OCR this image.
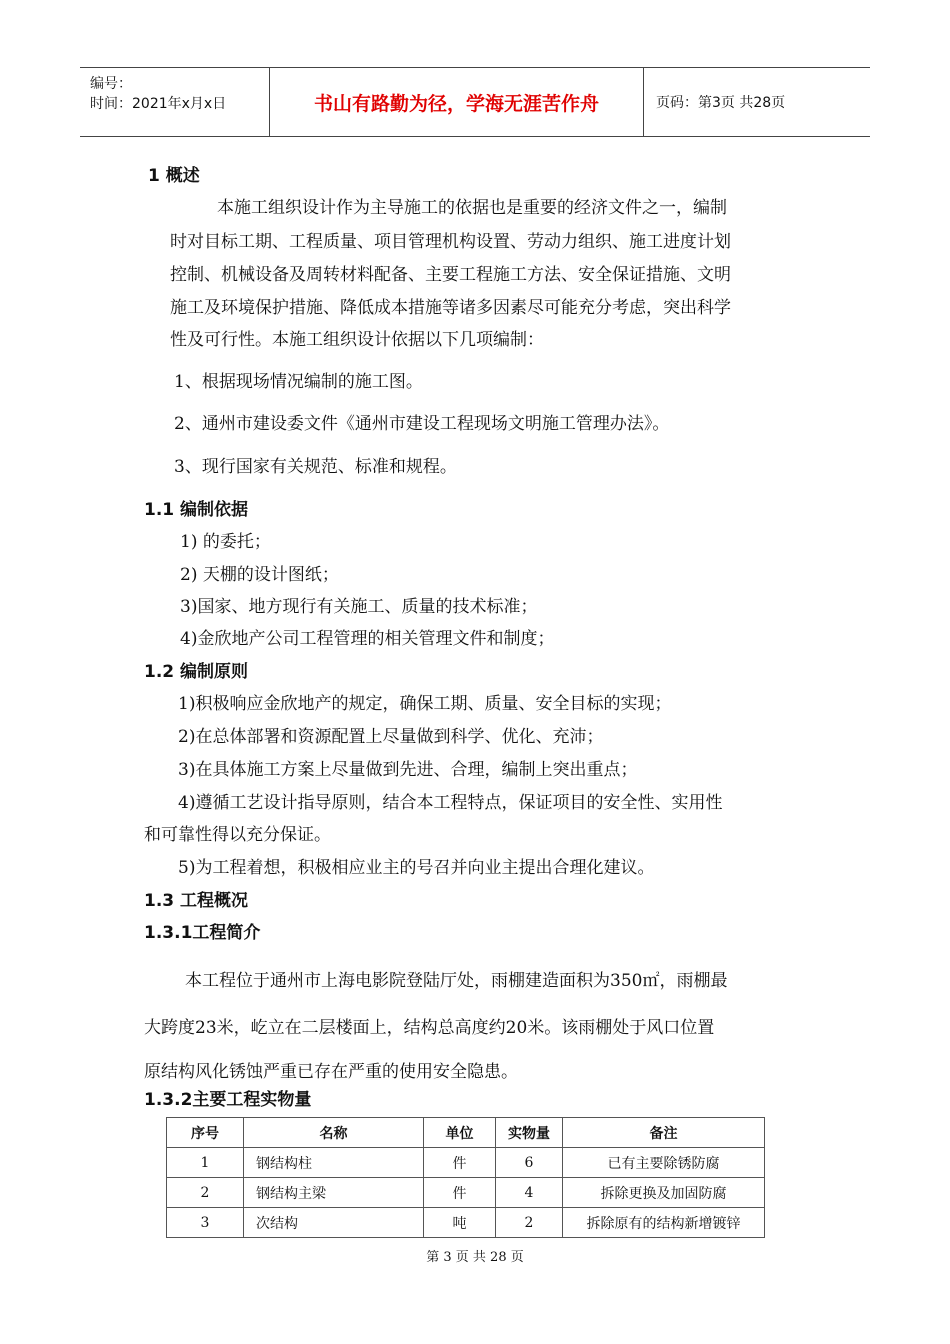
编号：
时间：2021年x月x日	书山有路勤为径，学海无涯苦作舟	页码：第3页 共28页
1 概述
本施工组织设计作为主导施工的依据也是重要的经济文件之一，编制
时对目标工期、工程质量、项目管理机构设置、劳动力组织、施工进度计划
控制、机械设备及周转材料配备、主要工程施工方法、安全保证措施、文明
施工及环境保护措施、降低成本措施等诸多因素尽可能充分考虑，突出科学
性及可行性。本施工组织设计依据以下几项编制：
1、根据现场情况编制的施工图。
2、通州市建设委文件《通州市建设工程现场文明施工管理办法》。
3、现行国家有关规范、标准和规程。
1.1 编制依据
1) 的委托；
2) 天棚的设计图纸；
3)国家、地方现行有关施工、质量的技术标准；
4)金欣地产公司工程管理的相关管理文件和制度；
1.2 编制原则
1)积极响应金欣地产的规定，确保工期、质量、安全目标的实现；
2)在总体部署和资源配置上尽量做到科学、优化、充沛；
3)在具体施工方案上尽量做到先进、合理，编制上突出重点；
4)遵循工艺设计指导原则，结合本工程特点，保证项目的安全性、实用性
和可靠性得以充分保证。
5)为工程着想，积极相应业主的号召并向业主提出合理化建议。
1.3 工程概况
1.3.1工程简介
本工程位于通州市上海电影院登陆厅处，雨棚建造面积为350㎡，雨棚最
大跨度23米，屹立在二层楼面上，结构总高度约20米。该雨棚处于风口位置
原结构风化锈蚀严重已存在严重的使用安全隐患。
1.3.2主要工程实物量
序号	名称	单位	实物量	备注
1	钢结构柱	件	6	已有主要除锈防腐
2	钢结构主梁	件	4	拆除更换及加固防腐
3	次结构	吨	2	拆除原有的结构新增镀锌
第 3 页 共 28 页
